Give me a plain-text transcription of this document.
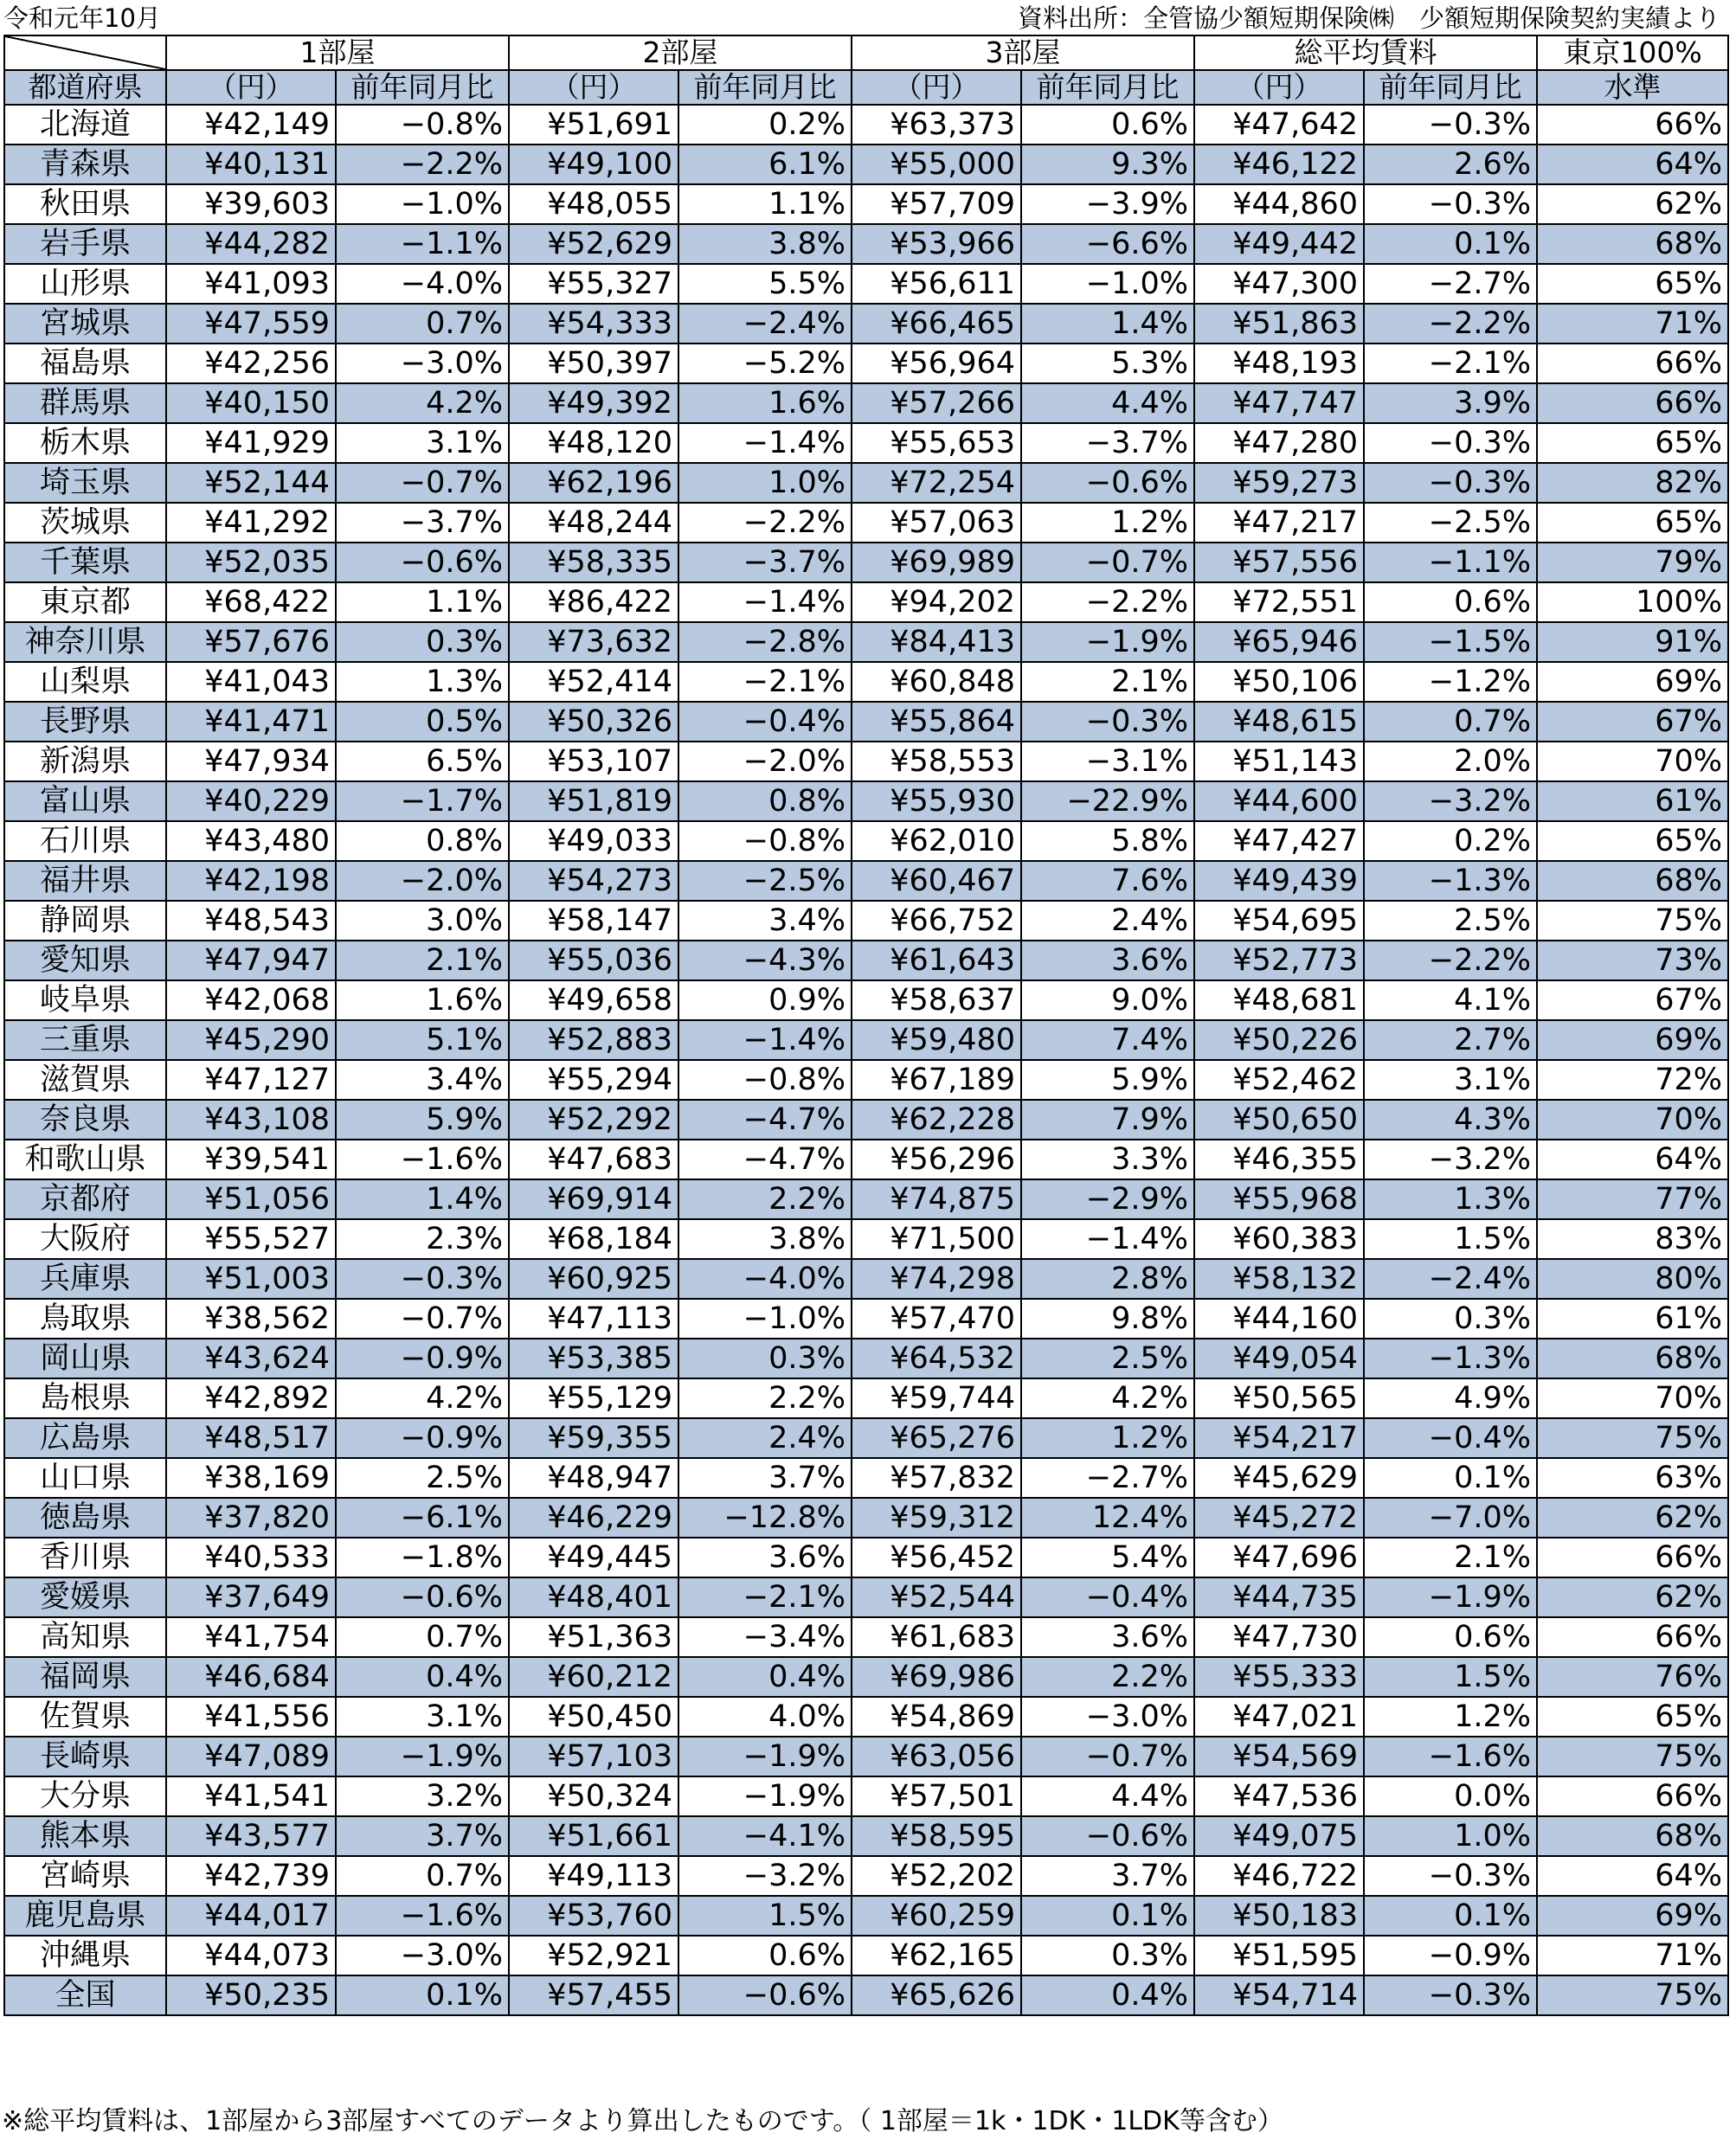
令和元年10月	資料出所：全管協少額短期保険㈱　少額短期保険契約実績より
	1部屋		2部屋		3部屋		総平均賃料		東京100%
都道府県	（円）	前年同月比	（円）	前年同月比	（円）	前年同月比	（円）	前年同月比	水準
北海道	¥42,149	−0.8%	¥51,691	0.2%	¥63,373	0.6%	¥47,642	−0.3%	66%
青森県	¥40,131	−2.2%	¥49,100	6.1%	¥55,000	9.3%	¥46,122	2.6%	64%
秋田県	¥39,603	−1.0%	¥48,055	1.1%	¥57,709	−3.9%	¥44,860	−0.3%	62%
岩手県	¥44,282	−1.1%	¥52,629	3.8%	¥53,966	−6.6%	¥49,442	0.1%	68%
山形県	¥41,093	−4.0%	¥55,327	5.5%	¥56,611	−1.0%	¥47,300	−2.7%	65%
宮城県	¥47,559	0.7%	¥54,333	−2.4%	¥66,465	1.4%	¥51,863	−2.2%	71%
福島県	¥42,256	−3.0%	¥50,397	−5.2%	¥56,964	5.3%	¥48,193	−2.1%	66%
群馬県	¥40,150	4.2%	¥49,392	1.6%	¥57,266	4.4%	¥47,747	3.9%	66%
栃木県	¥41,929	3.1%	¥48,120	−1.4%	¥55,653	−3.7%	¥47,280	−0.3%	65%
埼玉県	¥52,144	−0.7%	¥62,196	1.0%	¥72,254	−0.6%	¥59,273	−0.3%	82%
茨城県	¥41,292	−3.7%	¥48,244	−2.2%	¥57,063	1.2%	¥47,217	−2.5%	65%
千葉県	¥52,035	−0.6%	¥58,335	−3.7%	¥69,989	−0.7%	¥57,556	−1.1%	79%
東京都	¥68,422	1.1%	¥86,422	−1.4%	¥94,202	−2.2%	¥72,551	0.6%	100%
神奈川県	¥57,676	0.3%	¥73,632	−2.8%	¥84,413	−1.9%	¥65,946	−1.5%	91%
山梨県	¥41,043	1.3%	¥52,414	−2.1%	¥60,848	2.1%	¥50,106	−1.2%	69%
長野県	¥41,471	0.5%	¥50,326	−0.4%	¥55,864	−0.3%	¥48,615	0.7%	67%
新潟県	¥47,934	6.5%	¥53,107	−2.0%	¥58,553	−3.1%	¥51,143	2.0%	70%
富山県	¥40,229	−1.7%	¥51,819	0.8%	¥55,930	−22.9%	¥44,600	−3.2%	61%
石川県	¥43,480	0.8%	¥49,033	−0.8%	¥62,010	5.8%	¥47,427	0.2%	65%
福井県	¥42,198	−2.0%	¥54,273	−2.5%	¥60,467	7.6%	¥49,439	−1.3%	68%
静岡県	¥48,543	3.0%	¥58,147	3.4%	¥66,752	2.4%	¥54,695	2.5%	75%
愛知県	¥47,947	2.1%	¥55,036	−4.3%	¥61,643	3.6%	¥52,773	−2.2%	73%
岐阜県	¥42,068	1.6%	¥49,658	0.9%	¥58,637	9.0%	¥48,681	4.1%	67%
三重県	¥45,290	5.1%	¥52,883	−1.4%	¥59,480	7.4%	¥50,226	2.7%	69%
滋賀県	¥47,127	3.4%	¥55,294	−0.8%	¥67,189	5.9%	¥52,462	3.1%	72%
奈良県	¥43,108	5.9%	¥52,292	−4.7%	¥62,228	7.9%	¥50,650	4.3%	70%
和歌山県	¥39,541	−1.6%	¥47,683	−4.7%	¥56,296	3.3%	¥46,355	−3.2%	64%
京都府	¥51,056	1.4%	¥69,914	2.2%	¥74,875	−2.9%	¥55,968	1.3%	77%
大阪府	¥55,527	2.3%	¥68,184	3.8%	¥71,500	−1.4%	¥60,383	1.5%	83%
兵庫県	¥51,003	−0.3%	¥60,925	−4.0%	¥74,298	2.8%	¥58,132	−2.4%	80%
鳥取県	¥38,562	−0.7%	¥47,113	−1.0%	¥57,470	9.8%	¥44,160	0.3%	61%
岡山県	¥43,624	−0.9%	¥53,385	0.3%	¥64,532	2.5%	¥49,054	−1.3%	68%
島根県	¥42,892	4.2%	¥55,129	2.2%	¥59,744	4.2%	¥50,565	4.9%	70%
広島県	¥48,517	−0.9%	¥59,355	2.4%	¥65,276	1.2%	¥54,217	−0.4%	75%
山口県	¥38,169	2.5%	¥48,947	3.7%	¥57,832	−2.7%	¥45,629	0.1%	63%
徳島県	¥37,820	−6.1%	¥46,229	−12.8%	¥59,312	12.4%	¥45,272	−7.0%	62%
香川県	¥40,533	−1.8%	¥49,445	3.6%	¥56,452	5.4%	¥47,696	2.1%	66%
愛媛県	¥37,649	−0.6%	¥48,401	−2.1%	¥52,544	−0.4%	¥44,735	−1.9%	62%
高知県	¥41,754	0.7%	¥51,363	−3.4%	¥61,683	3.6%	¥47,730	0.6%	66%
福岡県	¥46,684	0.4%	¥60,212	0.4%	¥69,986	2.2%	¥55,333	1.5%	76%
佐賀県	¥41,556	3.1%	¥50,450	4.0%	¥54,869	−3.0%	¥47,021	1.2%	65%
長崎県	¥47,089	−1.9%	¥57,103	−1.9%	¥63,056	−0.7%	¥54,569	−1.6%	75%
大分県	¥41,541	3.2%	¥50,324	−1.9%	¥57,501	4.4%	¥47,536	0.0%	66%
熊本県	¥43,577	3.7%	¥51,661	−4.1%	¥58,595	−0.6%	¥49,075	1.0%	68%
宮崎県	¥42,739	0.7%	¥49,113	−3.2%	¥52,202	3.7%	¥46,722	−0.3%	64%
鹿児島県	¥44,017	−1.6%	¥53,760	1.5%	¥60,259	0.1%	¥50,183	0.1%	69%
沖縄県	¥44,073	−3.0%	¥52,921	0.6%	¥62,165	0.3%	¥51,595	−0.9%	71%
全国	¥50,235	0.1%	¥57,455	−0.6%	¥65,626	0.4%	¥54,714	−0.3%	75%
※総平均賃料は、1部屋から3部屋すべてのデータより算出したものです。（ 1部屋＝1k・1DK・1LDK等含む）
